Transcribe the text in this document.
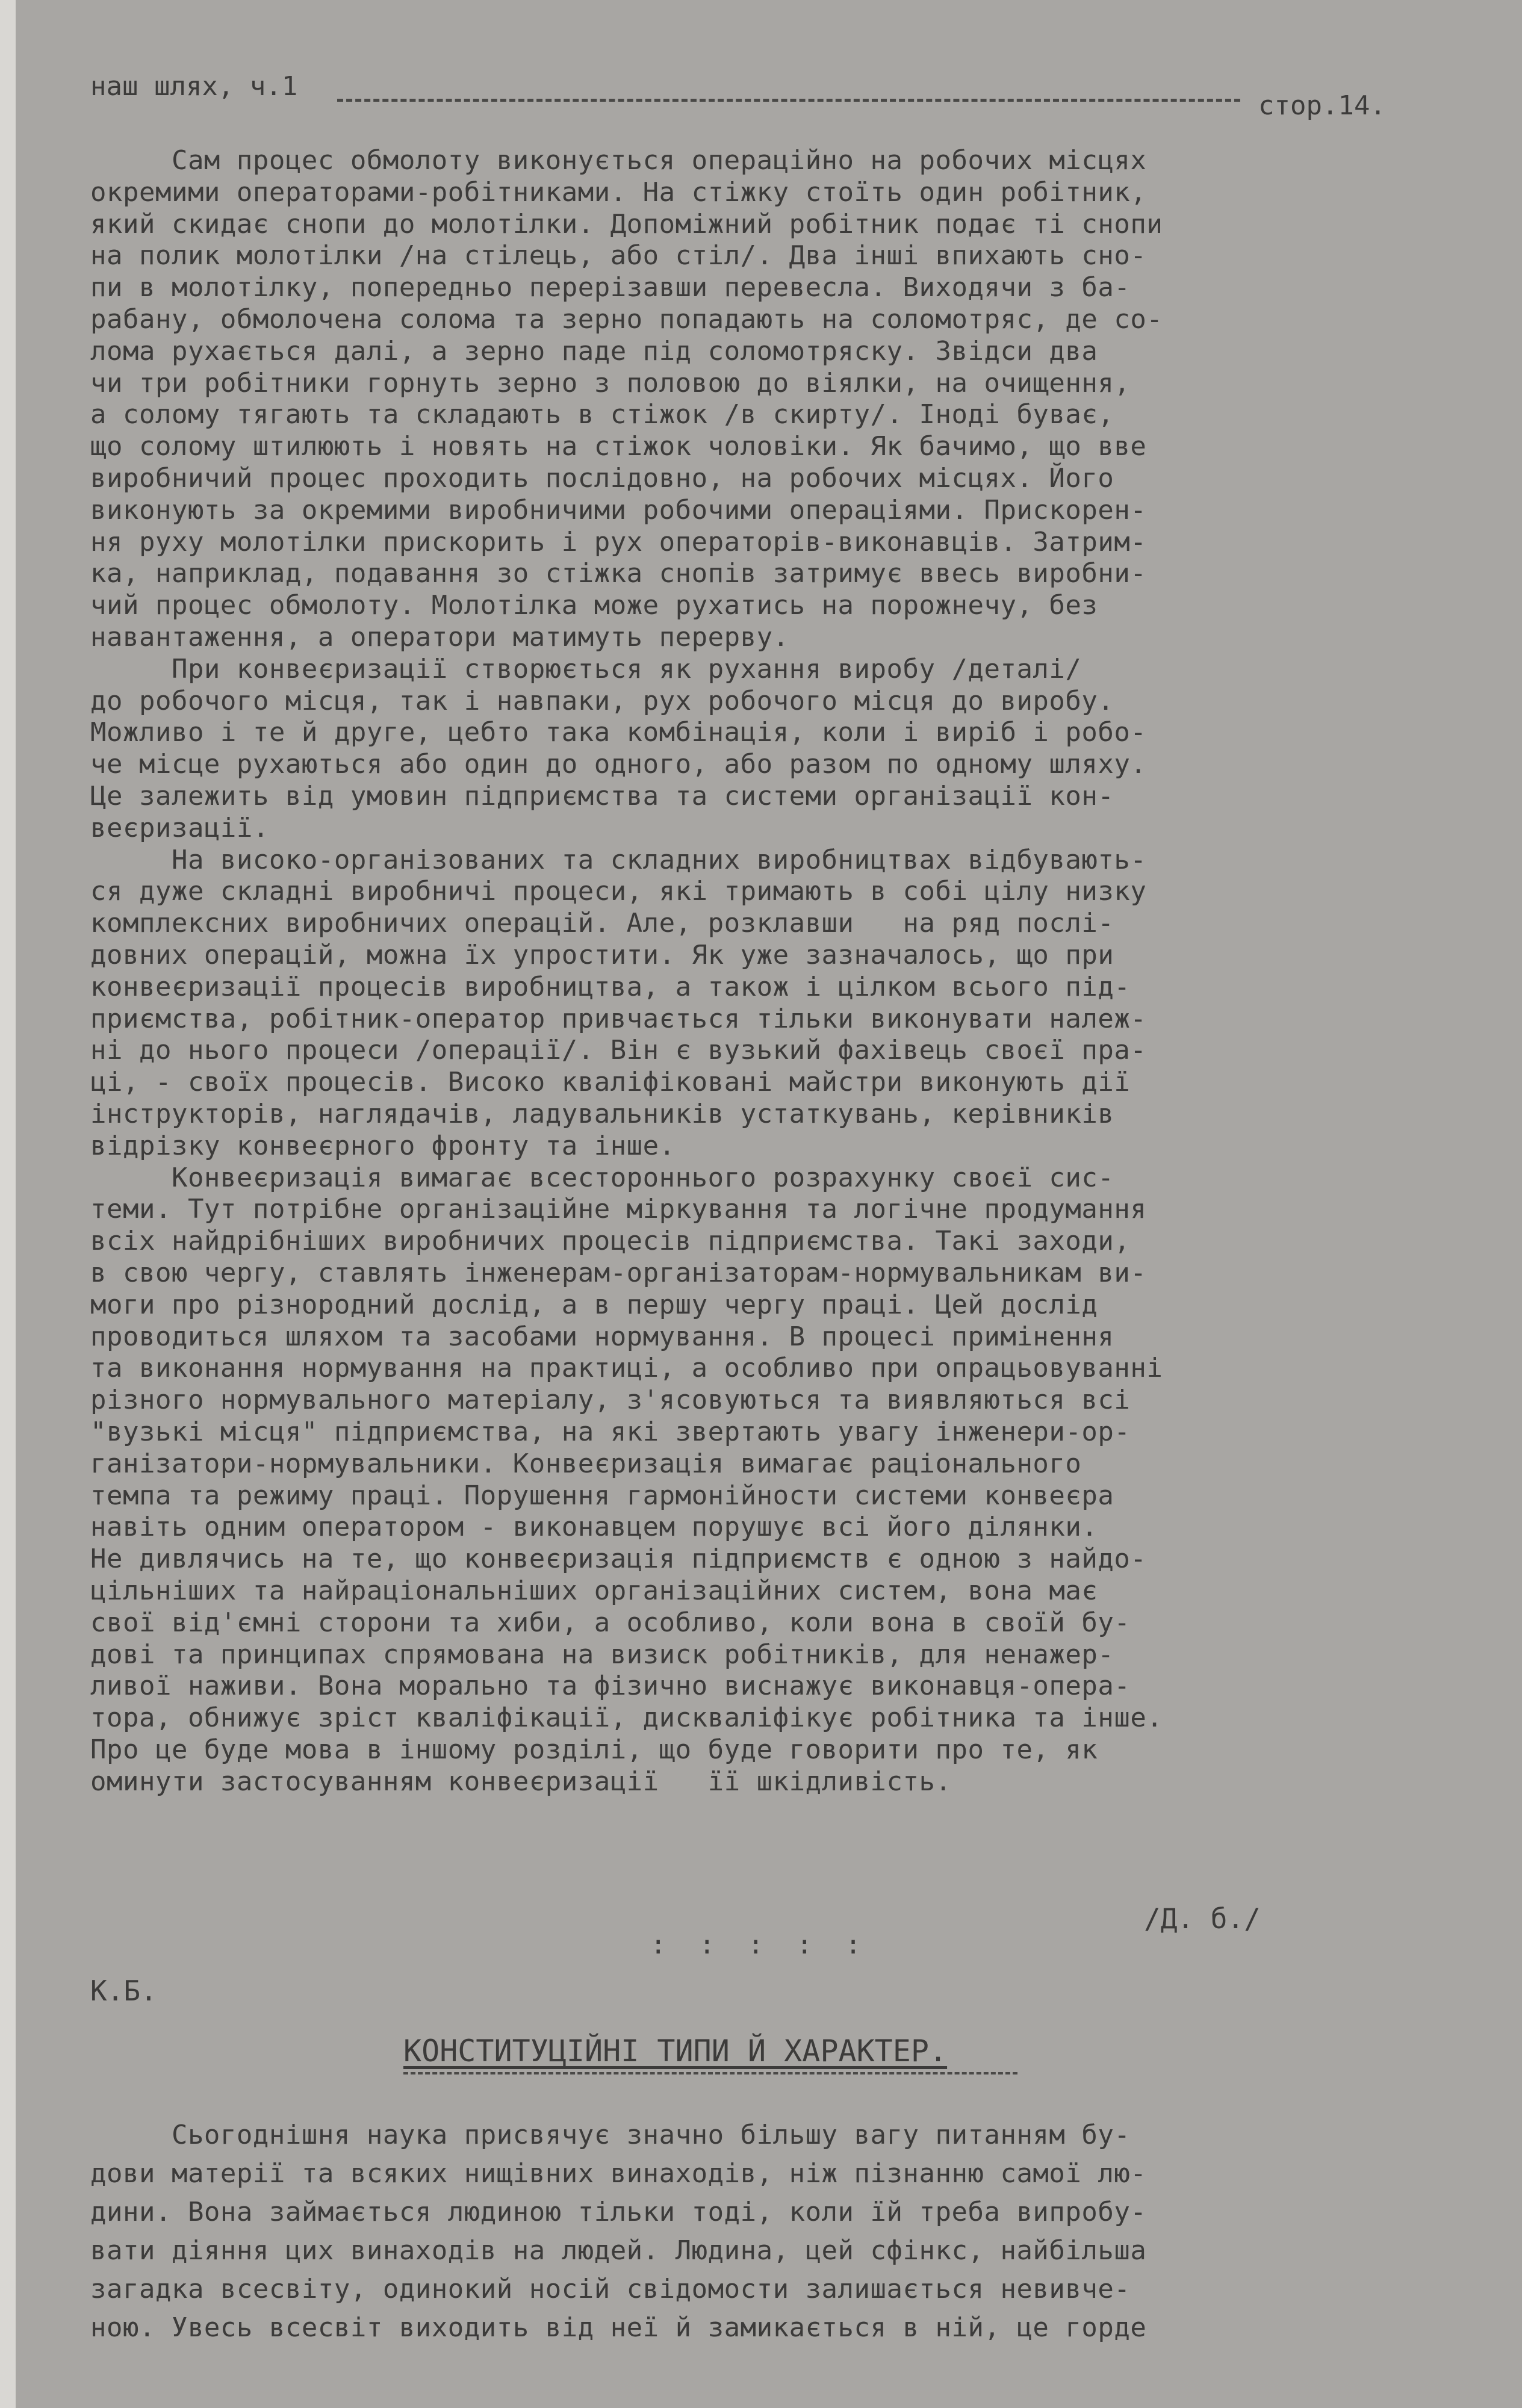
наш шлях, ч.1
стор.14.
Сам процес обмолоту виконується операційно на робочих місцях
окремими операторами-робітниками. На стіжку стоїть один робітник,
який скидає снопи до молотілки. Допоміжний робітник подає ті снопи
на полик молотілки /на стілець, або стіл/. Два інші впихають сно-
пи в молотілку, попередньо перерізавши перевесла. Виходячи з ба-
рабану, обмолочена солома та зерно попадають на соломотряс, де со-
лома рухається далі, а зерно паде під соломотряску. Звідси два
чи три робітники горнуть зерно з половою до віялки, на очищення,
а солому тягають та складають в стіжок /в скирту/. Іноді буває,
що солому штилюють і новять на стіжок чоловіки. Як бачимо, що вве
виробничий процес проходить послідовно, на робочих місцях. Його
виконують за окремими виробничими робочими операціями. Прискорен-
ня руху молотілки прискорить і рух операторів-виконавців. Затрим-
ка, наприклад, подавання зо стіжка снопів затримує ввесь виробни-
чий процес обмолоту. Молотілка може рухатись на порожнечу, без
навантаження, а оператори матимуть перерву.
При конвеєризації створюється як рухання виробу /деталі/
до робочого місця, так і навпаки, рух робочого місця до виробу.
Можливо і те й друге, цебто така комбінація, коли і виріб і робо-
че місце рухаються або один до одного, або разом по одному шляху.
Це залежить від умовин підприємства та системи організації кон-
веєризації.
На високо-організованих та складних виробництвах відбувають-
ся дуже складні виробничі процеси, які тримають в собі цілу низку
комплексних виробничих операцій. Але, розклавши   на ряд послі-
довних операцій, можна їх упростити. Як уже зазначалось, що при
конвеєризації процесів виробництва, а також і цілком всього під-
приємства, робітник-оператор привчається тільки виконувати належ-
ні до нього процеси /операції/. Він є вузький фахівець своєї пра-
ці, - своїх процесів. Високо кваліфіковані майстри виконують дії
інструкторів, наглядачів, ладувальників устаткувань, керівників
відрізку конвеєрного фронту та інше.
Конвеєризація вимагає всестороннього розрахунку своєї сис-
теми. Тут потрібне організаційне міркування та логічне продумання
всіх найдрібніших виробничих процесів підприємства. Такі заходи,
в свою чергу, ставлять інженерам-організаторам-нормувальникам ви-
моги про різнородний дослід, а в першу чергу праці. Цей дослід
проводиться шляхом та засобами нормування. В процесі примінення
та виконання нормування на практиці, а особливо при опрацьовуванні
різного нормувального матеріалу, з'ясовуються та виявляються всі
"вузькі місця" підприємства, на які звертають увагу інженери-ор-
ганізатори-нормувальники. Конвеєризація вимагає раціонального
темпа та режиму праці. Порушення гармонійности системи конвеєра
навіть одним оператором - виконавцем порушує всі його ділянки.
Не дивлячись на те, що конвеєризація підприємств є одною з найдо-
цільніших та найраціональніших організаційних систем, вона має
свої від'ємні сторони та хиби, а особливо, коли вона в своїй бу-
дові та принципах спрямована на визиск робітників, для ненажер-
ливої наживи. Вона морально та фізично виснажує виконавця-опера-
тора, обнижує зріст кваліфікації, дискваліфікує робітника та інше.
Про це буде мова в іншому розділі, що буде говорити про те, як
оминути застосуванням конвеєризації   її шкідливість.
/Д. б./
: : : : :
К.Б.
КОНСТИТУЦІЙНІ ТИПИ Й ХАРАКТЕР.
Сьогоднішня наука присвячує значно більшу вагу питанням бу-
дови матерії та всяких нищівних винаходів, ніж пізнанню самої лю-
дини. Вона займається людиною тільки тоді, коли їй треба випробу-
вати діяння цих винаходів на людей. Людина, цей сфінкс, найбільша
загадка всесвіту, одинокий носій свідомости залишається невивче-
ною. Увесь всесвіт виходить від неї й замикається в ній, це горде
